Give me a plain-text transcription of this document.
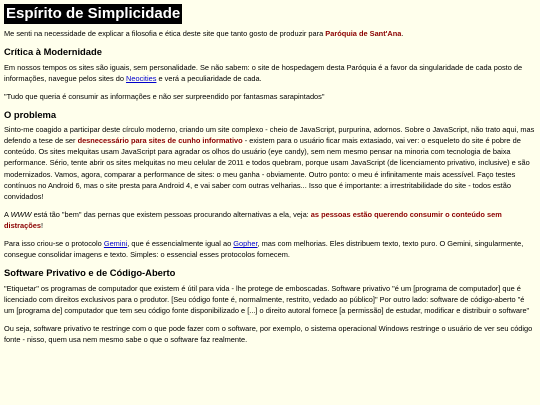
Espírito de Simplicidade

Me senti na necessidade de explicar a filosofia e ética deste site que tanto gosto de produzir para Paróquia de Sant'Ana.

Crítica à Modernidade

Em nossos tempos os sites são iguais, sem personalidade. Se não sabem: o site de hospedagem desta Paróquia é a favor da singularidade de cada posto de informações, navegue pelos sites do Neocities e verá a peculiaridade de cada.

"Tudo que queria é consumir as informações e não ser surpreendido por fantasmas sarapintados"

O problema

Sinto-me coagido a participar deste círculo moderno, criando um site complexo - cheio de JavaScript, purpurina, adornos. Sobre o JavaScript, não trato aqui, mas defendo a tese de ser desnecessário para sites de cunho informativo - existem para o usuário ficar mais extasiado, vai ver: o esqueleto do site é pobre de conteúdo. Os sites melquitas usam JavaScript para agradar os olhos do usuário (eye candy), sem nem mesmo pensar na minoria com tecnologia de baixa performance. Sério, tente abrir os sites melquitas no meu celular de 2011 e todos quebram, porque usam JavaScript (de licenciamento privativo, inclusive) e são modernizados. Vamos, agora, comparar a performance de sites: o meu ganha - obviamente. Outro ponto: o meu é infinitamente mais acessível. Faço testes contínuos no Android 6, mas o site presta para Android 4, e vai saber com outras velharias... Isso que é importante: a irrestritabilidade do site - todos estão convidados!

A WWW está tão "bem" das pernas que existem pessoas procurando alternativas a ela, veja: as pessoas estão querendo consumir o conteúdo sem distrações!

Para isso criou-se o protocolo Gemini, que é essencialmente igual ao Gopher, mas com melhorias. Eles distribuem texto, texto puro. O Gemini, singularmente, consegue consolidar imagens e texto. Simples: o essencial esses protocolos fornecem.

Software Privativo e de Código-Aberto

"Etiquetar" os programas de computador que existem é útil para vida - lhe protege de emboscadas. Software privativo "é um [programa de computador] que é licenciado com direitos exclusivos para o produtor. [Seu código fonte é, normalmente, restrito, vedado ao público]" Por outro lado: software de código-aberto "é um [programa de] computador que tem seu código fonte disponibilizado e [...] o direito autoral fornece [a permissão] de estudar, modificar e distribuir o software"

Ou seja, software privativo te restringe com o que pode fazer com o software, por exemplo, o sistema operacional Windows restringe o usuário de ver seu código fonte - nisso, quem usa nem mesmo sabe o que o software faz realmente.
